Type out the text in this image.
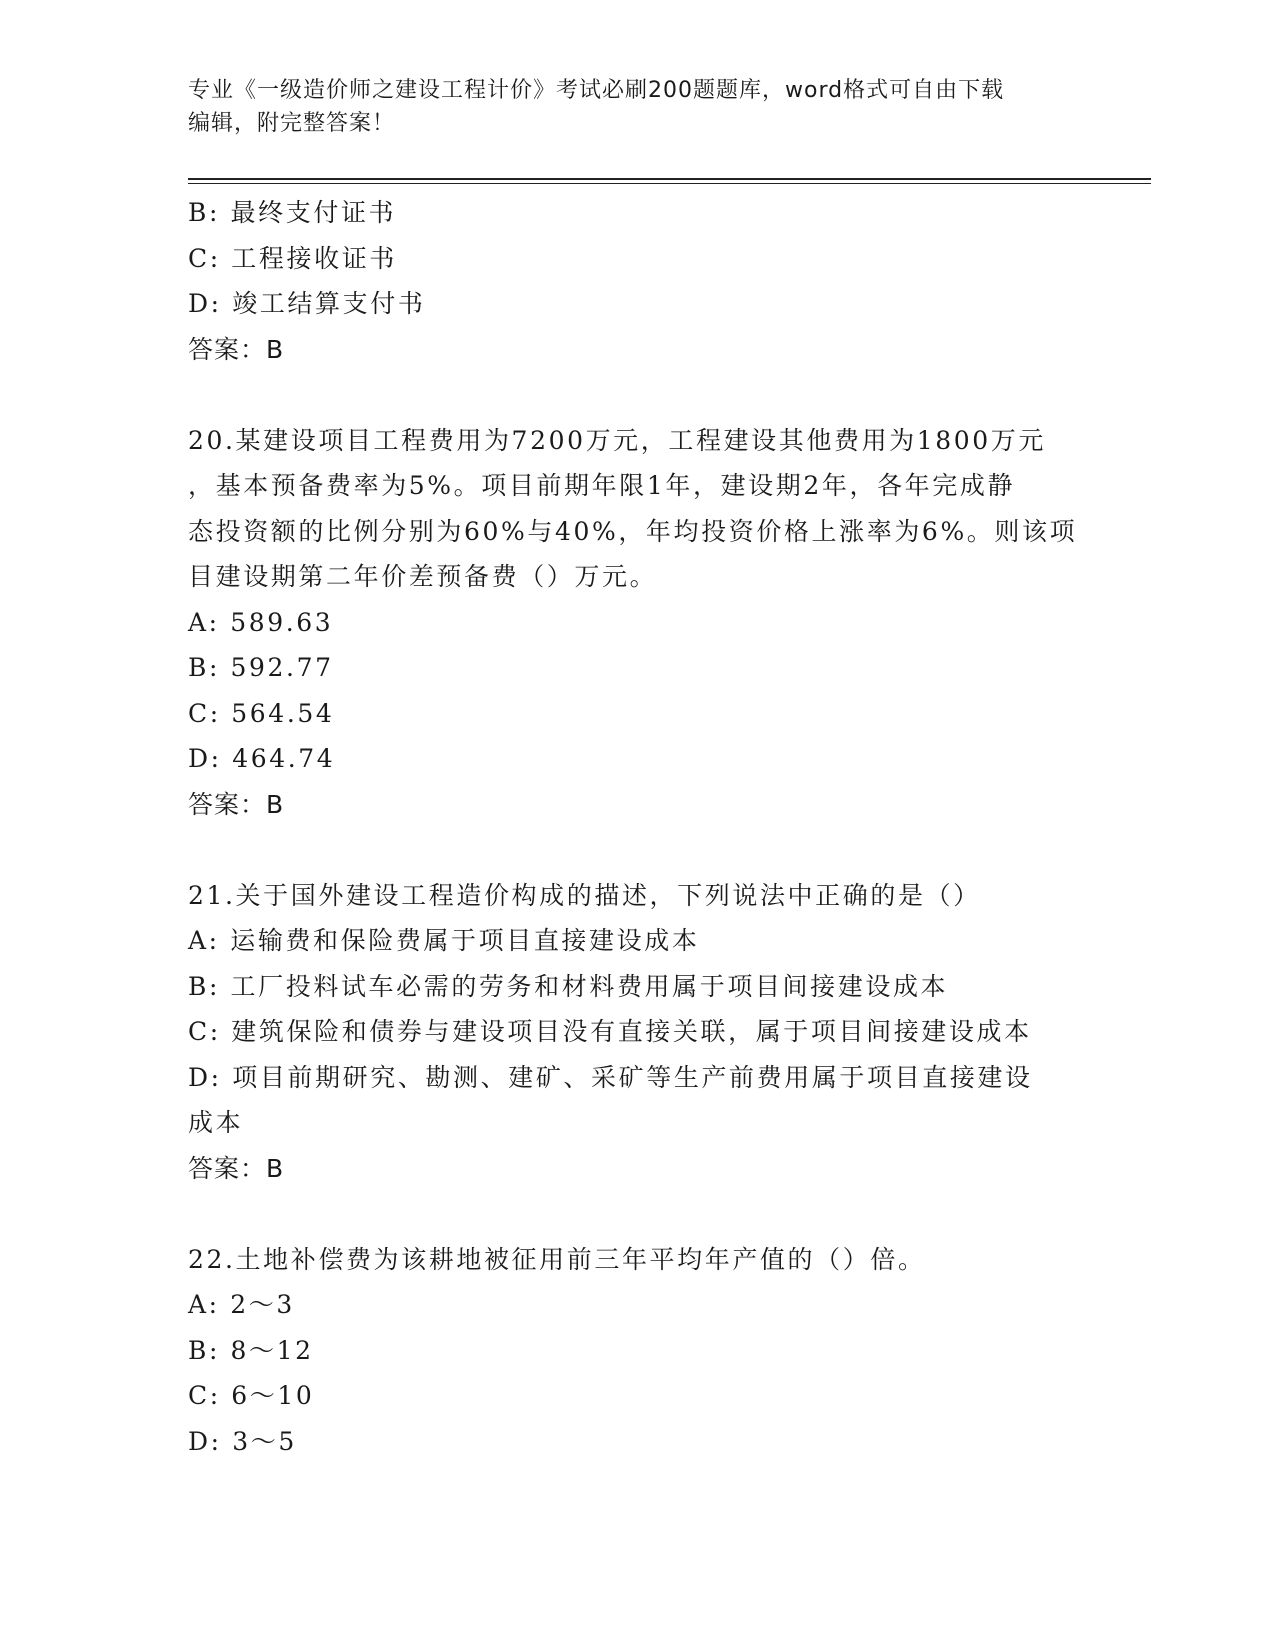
专业《一级造价师之建设工程计价》考试必刷200题题库，word格式可自由下载
编辑，附完整答案！
B: 最终支付证书
C: 工程接收证书
D: 竣工结算支付书
答案：B
20.某建设项目工程费用为7200万元，工程建设其他费用为1800万元
，基本预备费率为5%。项目前期年限1年，建设期2年，各年完成静
态投资额的比例分别为60%与40%，年均投资价格上涨率为6%。则该项
目建设期第二年价差预备费（）万元。
A: 589.63
B: 592.77
C: 564.54
D: 464.74
答案：B
21.关于国外建设工程造价构成的描述，下列说法中正确的是（）
A: 运输费和保险费属于项目直接建设成本
B: 工厂投料试车必需的劳务和材料费用属于项目间接建设成本
C: 建筑保险和债券与建设项目没有直接关联，属于项目间接建设成本
D: 项目前期研究、勘测、建矿、采矿等生产前费用属于项目直接建设
成本
答案：B
22.土地补偿费为该耕地被征用前三年平均年产值的（）倍。
A: 2～3
B: 8～12
C: 6～10
D: 3～5
